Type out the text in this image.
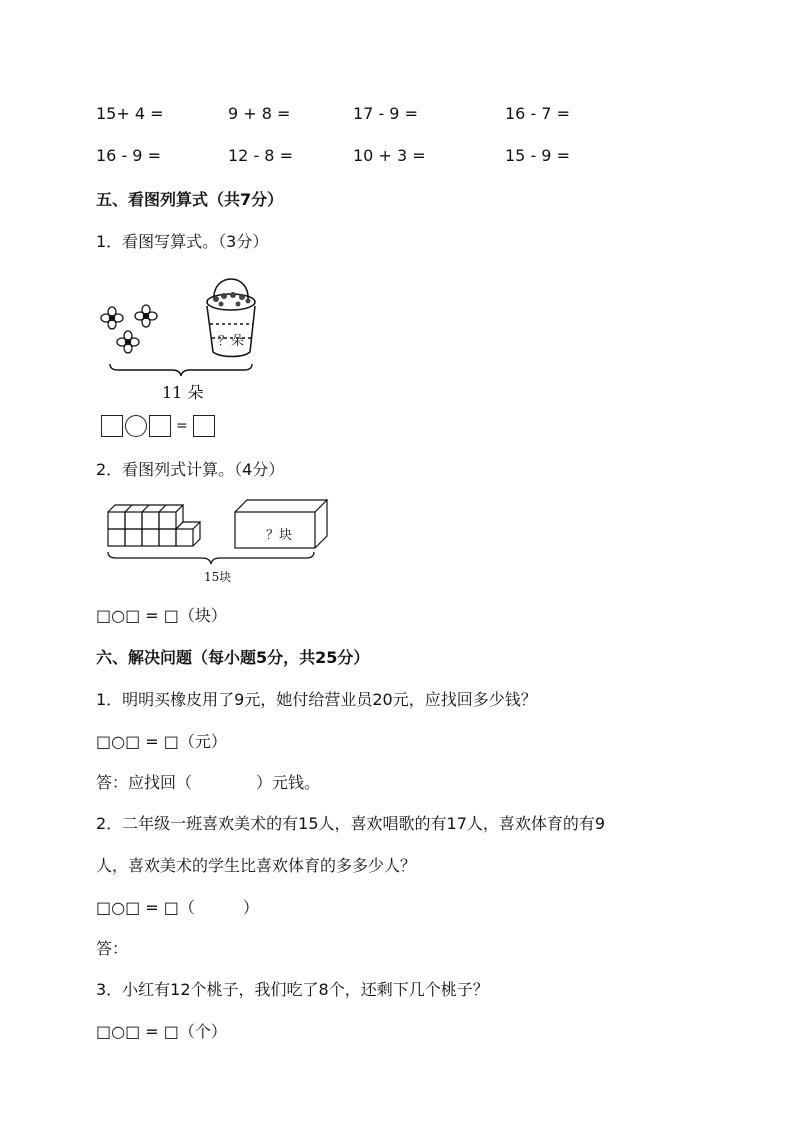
15+ 4 =	9 + 8 =	17 - 9 =	16 - 7 =
16 - 9 =	12 - 8 =	10 + 3 =	15 - 9 =
五、看图列算式（共7分）
1．看图写算式。（3分）
？朵
11 朵
=
2．看图列式计算。（4分）
？块
15块
□○□ = □（块）
六、解决问题（每小题5分，共25分）
1．明明买橡皮用了9元，她付给营业员20元，应找回多少钱？
□○□ = □（元）
答：应找回（　　　　）元钱。
2．二年级一班喜欢美术的有15人，喜欢唱歌的有17人，喜欢体育的有9
人，喜欢美术的学生比喜欢体育的多多少人？
□○□ = □（　　　）
答：
3．小红有12个桃子，我们吃了8个，还剩下几个桃子？
□○□ = □（个）
